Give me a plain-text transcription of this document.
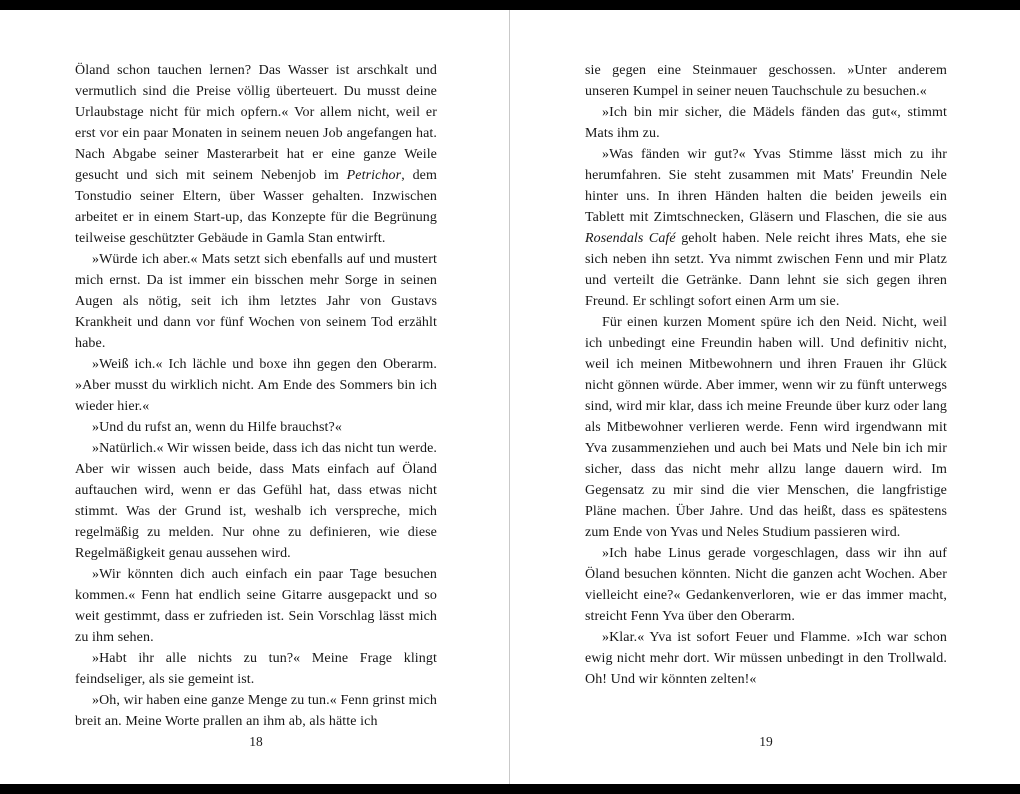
Öland schon tauchen lernen? Das Wasser ist arschkalt und vermutlich sind die Preise völlig überteuert. Du musst deine Urlaubstage nicht für mich opfern.« Vor allem nicht, weil er erst vor ein paar Monaten in seinem neuen Job angefangen hat. Nach Abgabe seiner Masterarbeit hat er eine ganze Weile gesucht und sich mit seinem Nebenjob im Petrichor, dem Tonstudio seiner Eltern, über Wasser gehalten. Inzwischen arbeitet er in einem Start-up, das Konzepte für die Begrünung teilweise geschützter Gebäude in Gamla Stan entwirft.

»Würde ich aber.« Mats setzt sich ebenfalls auf und mustert mich ernst. Da ist immer ein bisschen mehr Sorge in seinen Augen als nötig, seit ich ihm letztes Jahr von Gustavs Krankheit und dann vor fünf Wochen von seinem Tod erzählt habe.

»Weiß ich.« Ich lächle und boxe ihn gegen den Oberarm. »Aber musst du wirklich nicht. Am Ende des Sommers bin ich wieder hier.«

»Und du rufst an, wenn du Hilfe brauchst?«

»Natürlich.« Wir wissen beide, dass ich das nicht tun werde. Aber wir wissen auch beide, dass Mats einfach auf Öland auftauchen wird, wenn er das Gefühl hat, dass etwas nicht stimmt. Was der Grund ist, weshalb ich verspreche, mich regelmäßig zu melden. Nur ohne zu definieren, wie diese Regelmäßigkeit genau aussehen wird.

»Wir könnten dich auch einfach ein paar Tage besuchen kommen.« Fenn hat endlich seine Gitarre ausgepackt und so weit gestimmt, dass er zufrieden ist. Sein Vorschlag lässt mich zu ihm sehen.

»Habt ihr alle nichts zu tun?« Meine Frage klingt feindseliger, als sie gemeint ist.

»Oh, wir haben eine ganze Menge zu tun.« Fenn grinst mich breit an. Meine Worte prallen an ihm ab, als hätte ich

18

sie gegen eine Steinmauer geschossen. »Unter anderem unseren Kumpel in seiner neuen Tauchschule zu besuchen.«

»Ich bin mir sicher, die Mädels fänden das gut«, stimmt Mats ihm zu.

»Was fänden wir gut?« Yvas Stimme lässt mich zu ihr herumfahren. Sie steht zusammen mit Mats' Freundin Nele hinter uns. In ihren Händen halten die beiden jeweils ein Tablett mit Zimtschnecken, Gläsern und Flaschen, die sie aus Rosendals Café geholt haben. Nele reicht ihres Mats, ehe sie sich neben ihn setzt. Yva nimmt zwischen Fenn und mir Platz und verteilt die Getränke. Dann lehnt sie sich gegen ihren Freund. Er schlingt sofort einen Arm um sie.

Für einen kurzen Moment spüre ich den Neid. Nicht, weil ich unbedingt eine Freundin haben will. Und definitiv nicht, weil ich meinen Mitbewohnern und ihren Frauen ihr Glück nicht gönnen würde. Aber immer, wenn wir zu fünft unterwegs sind, wird mir klar, dass ich meine Freunde über kurz oder lang als Mitbewohner verlieren werde. Fenn wird irgendwann mit Yva zusammenziehen und auch bei Mats und Nele bin ich mir sicher, dass das nicht mehr allzu lange dauern wird. Im Gegensatz zu mir sind die vier Menschen, die langfristige Pläne machen. Über Jahre. Und das heißt, dass es spätestens zum Ende von Yvas und Neles Studium passieren wird.

»Ich habe Linus gerade vorgeschlagen, dass wir ihn auf Öland besuchen könnten. Nicht die ganzen acht Wochen. Aber vielleicht eine?« Gedankenverloren, wie er das immer macht, streicht Fenn Yva über den Oberarm.

»Klar.« Yva ist sofort Feuer und Flamme. »Ich war schon ewig nicht mehr dort. Wir müssen unbedingt in den Trollwald. Oh! Und wir könnten zelten!«

19
